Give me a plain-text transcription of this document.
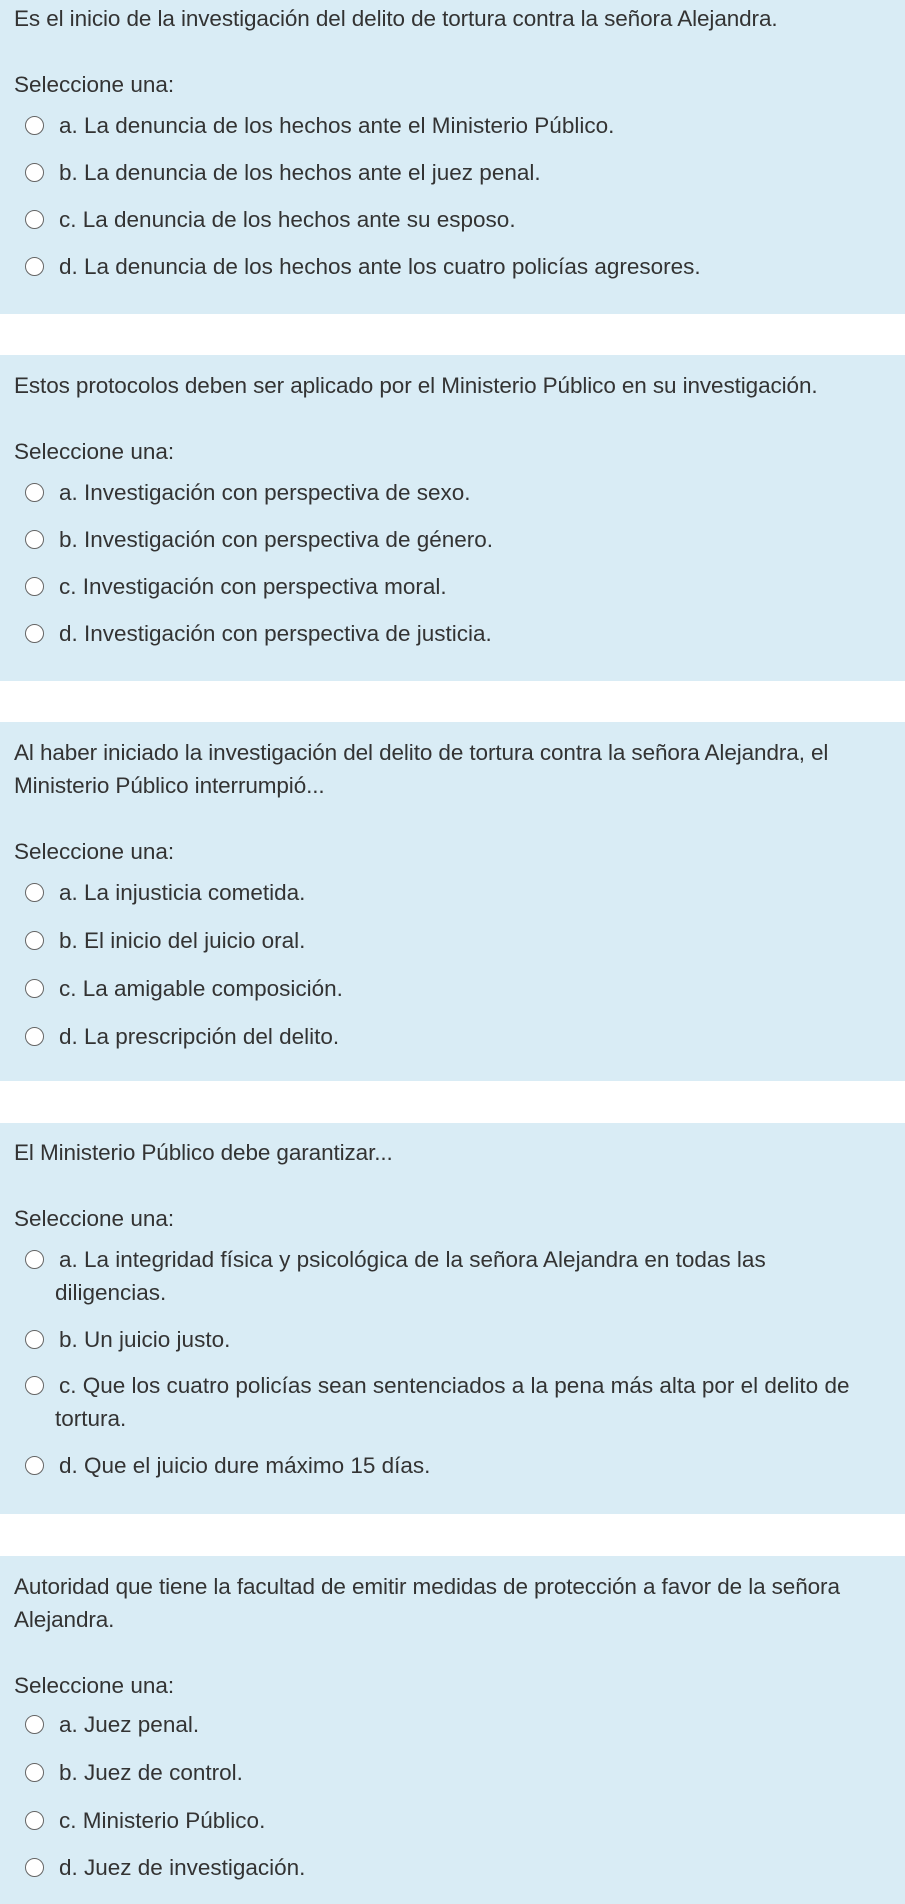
Es el inicio de la investigación del delito de tortura contra la señora Alejandra.

Seleccione una:

a. La denuncia de los hechos ante el Ministerio Público.
b. La denuncia de los hechos ante el juez penal.
c. La denuncia de los hechos ante su esposo.
d. La denuncia de los hechos ante los cuatro policías agresores.

Estos protocolos deben ser aplicado por el Ministerio Público en su investigación.

Seleccione una:

a. Investigación con perspectiva de sexo.
b. Investigación con perspectiva de género.
c. Investigación con perspectiva moral.
d. Investigación con perspectiva de justicia.

Al haber iniciado la investigación del delito de tortura contra la señora Alejandra, el
Ministerio Público interrumpió...

Seleccione una:

a. La injusticia cometida.
b. El inicio del juicio oral.
c. La amigable composición.
d. La prescripción del delito.

El Ministerio Público debe garantizar...

Seleccione una:

a. La integridad física y psicológica de la señora Alejandra en todas las
diligencias.
b. Un juicio justo.
c. Que los cuatro policías sean sentenciados a la pena más alta por el delito de
tortura.
d. Que el juicio dure máximo 15 días.

Autoridad que tiene la facultad de emitir medidas de protección a favor de la señora
Alejandra.

Seleccione una:

a. Juez penal.
b. Juez de control.
c. Ministerio Público.
d. Juez de investigación.
